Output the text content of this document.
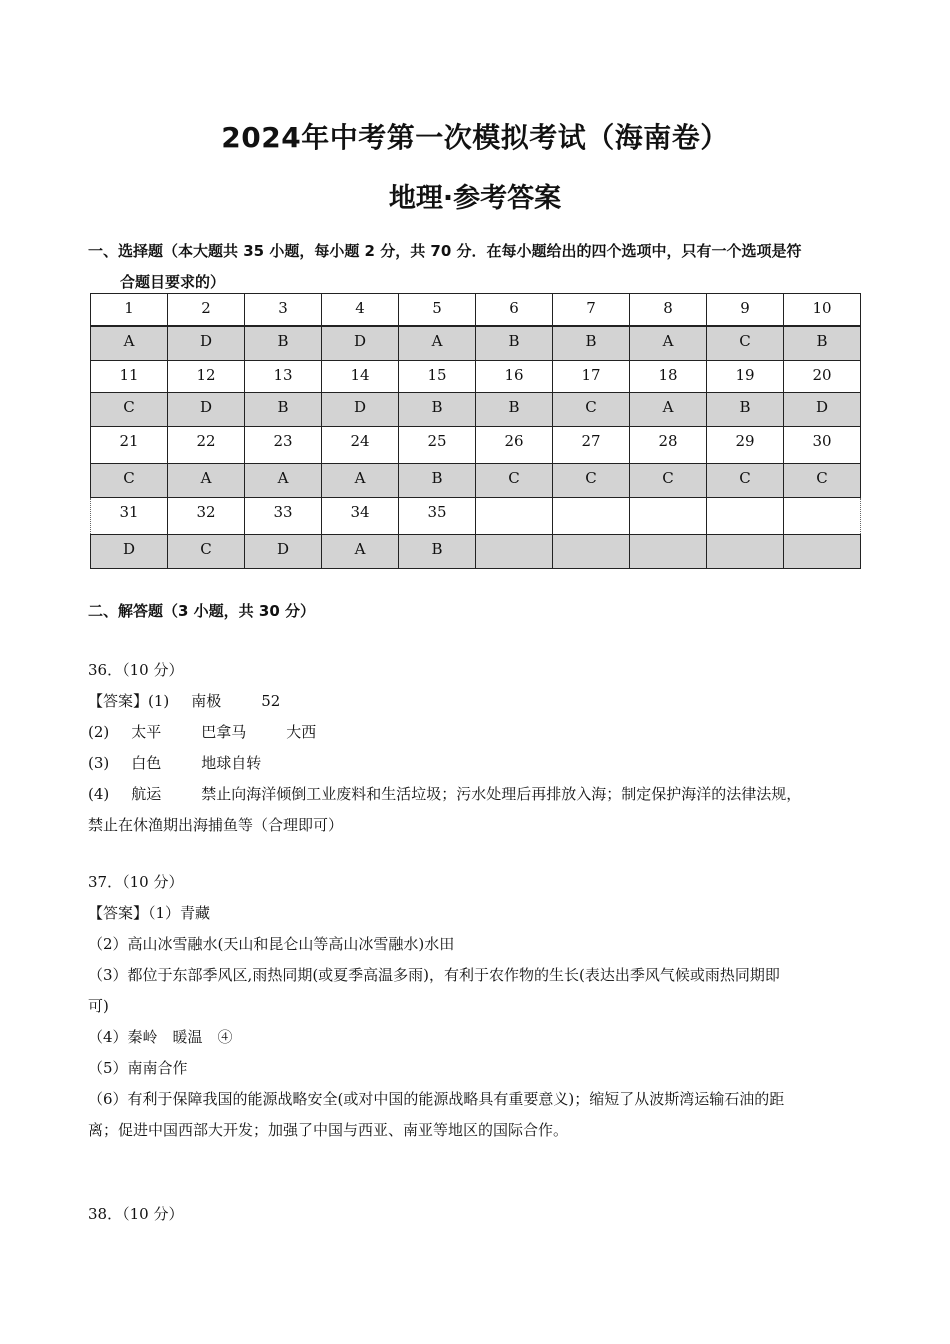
2024年中考第一次模拟考试（海南卷）
地理·参考答案
一、选择题（本大题共 35 小题，每小题 2 分，共 70 分．在每小题给出的四个选项中，只有一个选项是符
合题目要求的）
1	2	3	4	5	6	7	8	9	10
A	D	B	D	A	B	B	A	C	B
11	12	13	14	15	16	17	18	19	20
C	D	B	D	B	B	C	A	B	D
21	22	23	24	25	26	27	28	29	30
C	A	A	A	B	C	C	C	C	C
31	32	33	34	35					
D	C	D	A	B					
二、解答题（3 小题，共 30 分）
36．（10 分）
【答案】(1) 南极	52
(2) 太平	巴拿马	大西
(3) 白色	地球自转
(4) 航运	禁止向海洋倾倒工业废料和生活垃圾；污水处理后再排放入海；制定保护海洋的法律法规，
禁止在休渔期出海捕鱼等（合理即可）
37．（10 分）
【答案】（1）青藏
（2）高山冰雪融水(天山和昆仑山等高山冰雪融水)水田
（3）都位于东部季风区,雨热同期(或夏季高温多雨)，有利于农作物的生长(表达出季风气候或雨热同期即
可)
（4）秦岭　暖温　④
（5）南南合作
（6）有利于保障我国的能源战略安全(或对中国的能源战略具有重要意义)；缩短了从波斯湾运输石油的距
离；促进中国西部大开发；加强了中国与西亚、南亚等地区的国际合作。
38．（10 分）
